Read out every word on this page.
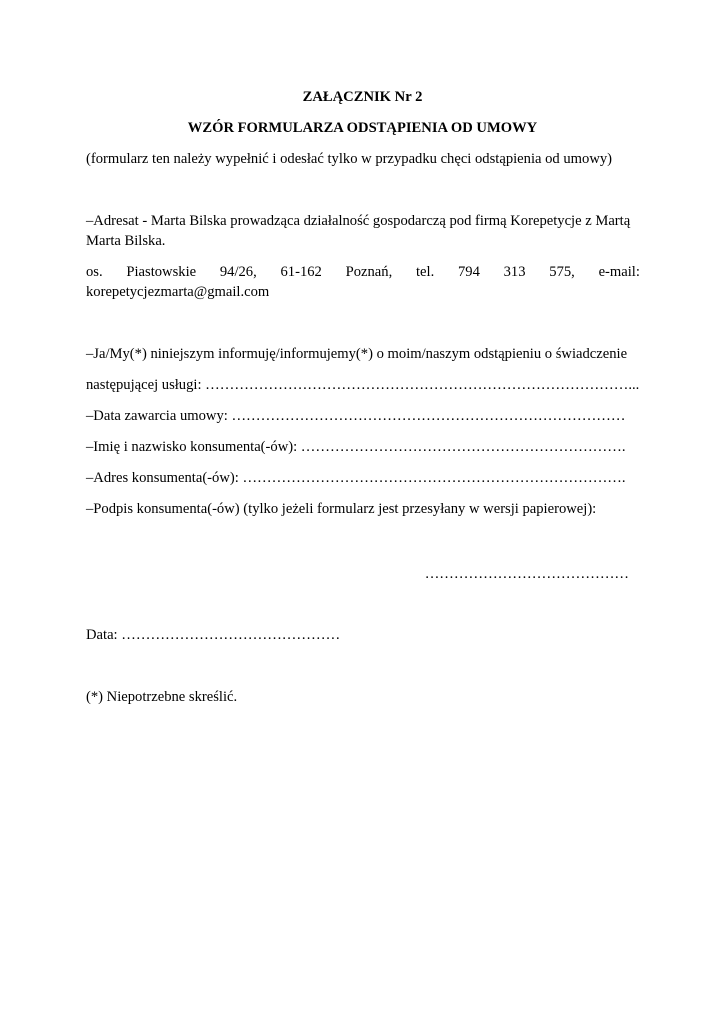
ZAŁĄCZNIK Nr 2
WZÓR FORMULARZA ODSTĄPIENIA OD UMOWY
(formularz ten należy wypełnić i odesłać tylko w przypadku chęci odstąpienia od umowy)
–Adresat - Marta Bilska prowadząca działalność gospodarczą pod firmą Korepetycje z Martą
Marta Bilska.
os. Piastowskie 94/26, 61-162 Poznań, tel. 794 313 575, e-mail:
korepetycjezmarta@gmail.com
–Ja/My(*) niniejszym informuję/informujemy(*) o moim/naszym odstąpieniu o świadczenie
następującej usługi: ……………………………………………………………………………...
–Data zawarcia umowy: ………………………………………………………………………
–Imię i nazwisko konsumenta(-ów): ………………………………………………………….
–Adres konsumenta(-ów): …………………………………………………………………….
–Podpis konsumenta(-ów) (tylko jeżeli formularz jest przesyłany w wersji papierowej):
……………………………………
Data: ………………………………………
(*) Niepotrzebne skreślić.
